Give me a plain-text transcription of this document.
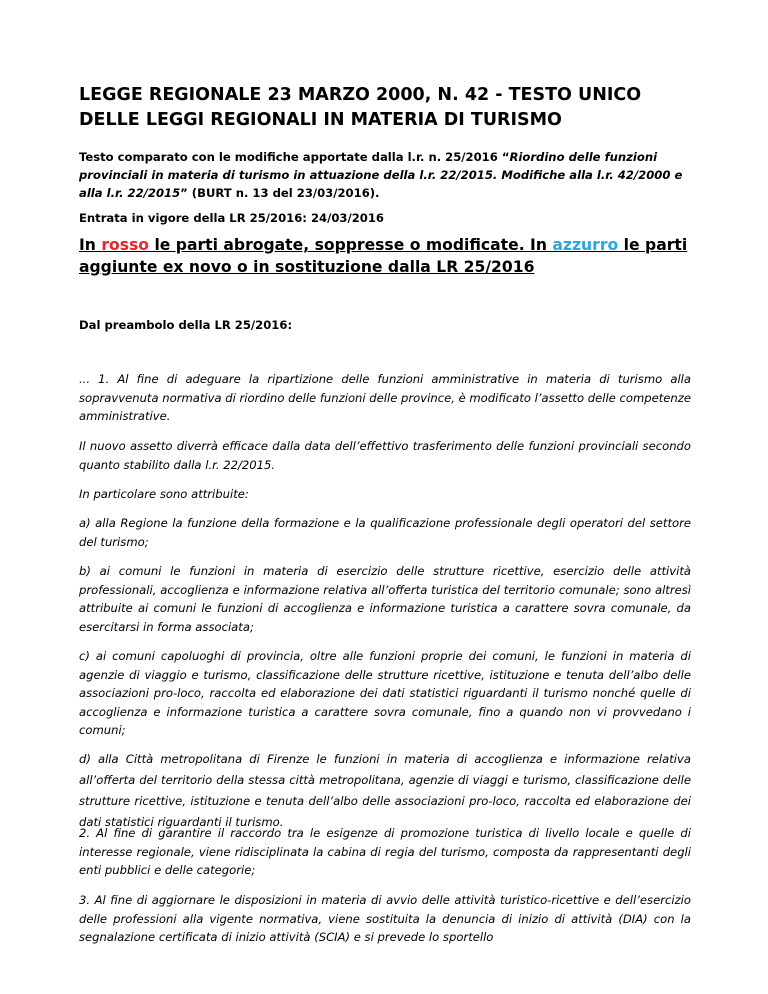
LEGGE REGIONALE 23 MARZO 2000, N. 42 - TESTO UNICO DELLE LEGGI REGIONALI IN MATERIA DI TURISMO

Testo comparato con le modifiche apportate dalla l.r. n. 25/2016 “Riordino delle funzioni provinciali in materia di turismo in attuazione della l.r. 22/2015. Modifiche alla l.r. 42/2000 e alla l.r. 22/2015” (BURT n. 13 del 23/03/2016).

Entrata in vigore della LR 25/2016: 24/03/2016

In rosso le parti abrogate, soppresse o modificate. In azzurro le parti aggiunte ex novo o in sostituzione dalla LR 25/2016

Dal preambolo della LR 25/2016:

... 1. Al fine di adeguare la ripartizione delle funzioni amministrative in materia di turismo alla sopravvenuta normativa di riordino delle funzioni delle province, è modificato l’assetto delle competenze amministrative.

Il nuovo assetto diverrà efficace dalla data dell’effettivo trasferimento delle funzioni provinciali secondo quanto stabilito dalla l.r. 22/2015.

In particolare sono attribuite:

a) alla Regione la funzione della formazione e la qualificazione professionale degli operatori del settore del turismo;

b) ai comuni le funzioni in materia di esercizio delle strutture ricettive, esercizio delle attività professionali, accoglienza e informazione relativa all’offerta turistica del territorio comunale; sono altresì attribuite ai comuni le funzioni di accoglienza e informazione turistica a carattere sovra comunale, da esercitarsi in forma associata;

c) ai comuni capoluoghi di provincia, oltre alle funzioni proprie dei comuni, le funzioni in materia di agenzie di viaggio e turismo, classificazione delle strutture ricettive, istituzione e tenuta dell’albo delle associazioni pro-loco, raccolta ed elaborazione dei dati statistici riguardanti il turismo nonché quelle di accoglienza e informazione turistica a carattere sovra comunale, fino a quando non vi provvedano i comuni;

d) alla Città metropolitana di Firenze le funzioni in materia di accoglienza e informazione relativa all’offerta del territorio della stessa città metropolitana, agenzie di viaggi e turismo, classificazione delle strutture ricettive, istituzione e tenuta dell’albo delle associazioni pro-loco, raccolta ed elaborazione dei dati statistici riguardanti il turismo.

2. Al fine di garantire il raccordo tra le esigenze di promozione turistica di livello locale e quelle di interesse regionale, viene ridisciplinata la cabina di regia del turismo, composta da rappresentanti degli enti pubblici e delle categorie;

3. Al fine di aggiornare le disposizioni in materia di avvio delle attività turistico-ricettive e dell’esercizio delle professioni alla vigente normativa, viene sostituita la denuncia di inizio di attività (DIA) con la segnalazione certificata di inizio attività (SCIA) e si prevede lo sportello
